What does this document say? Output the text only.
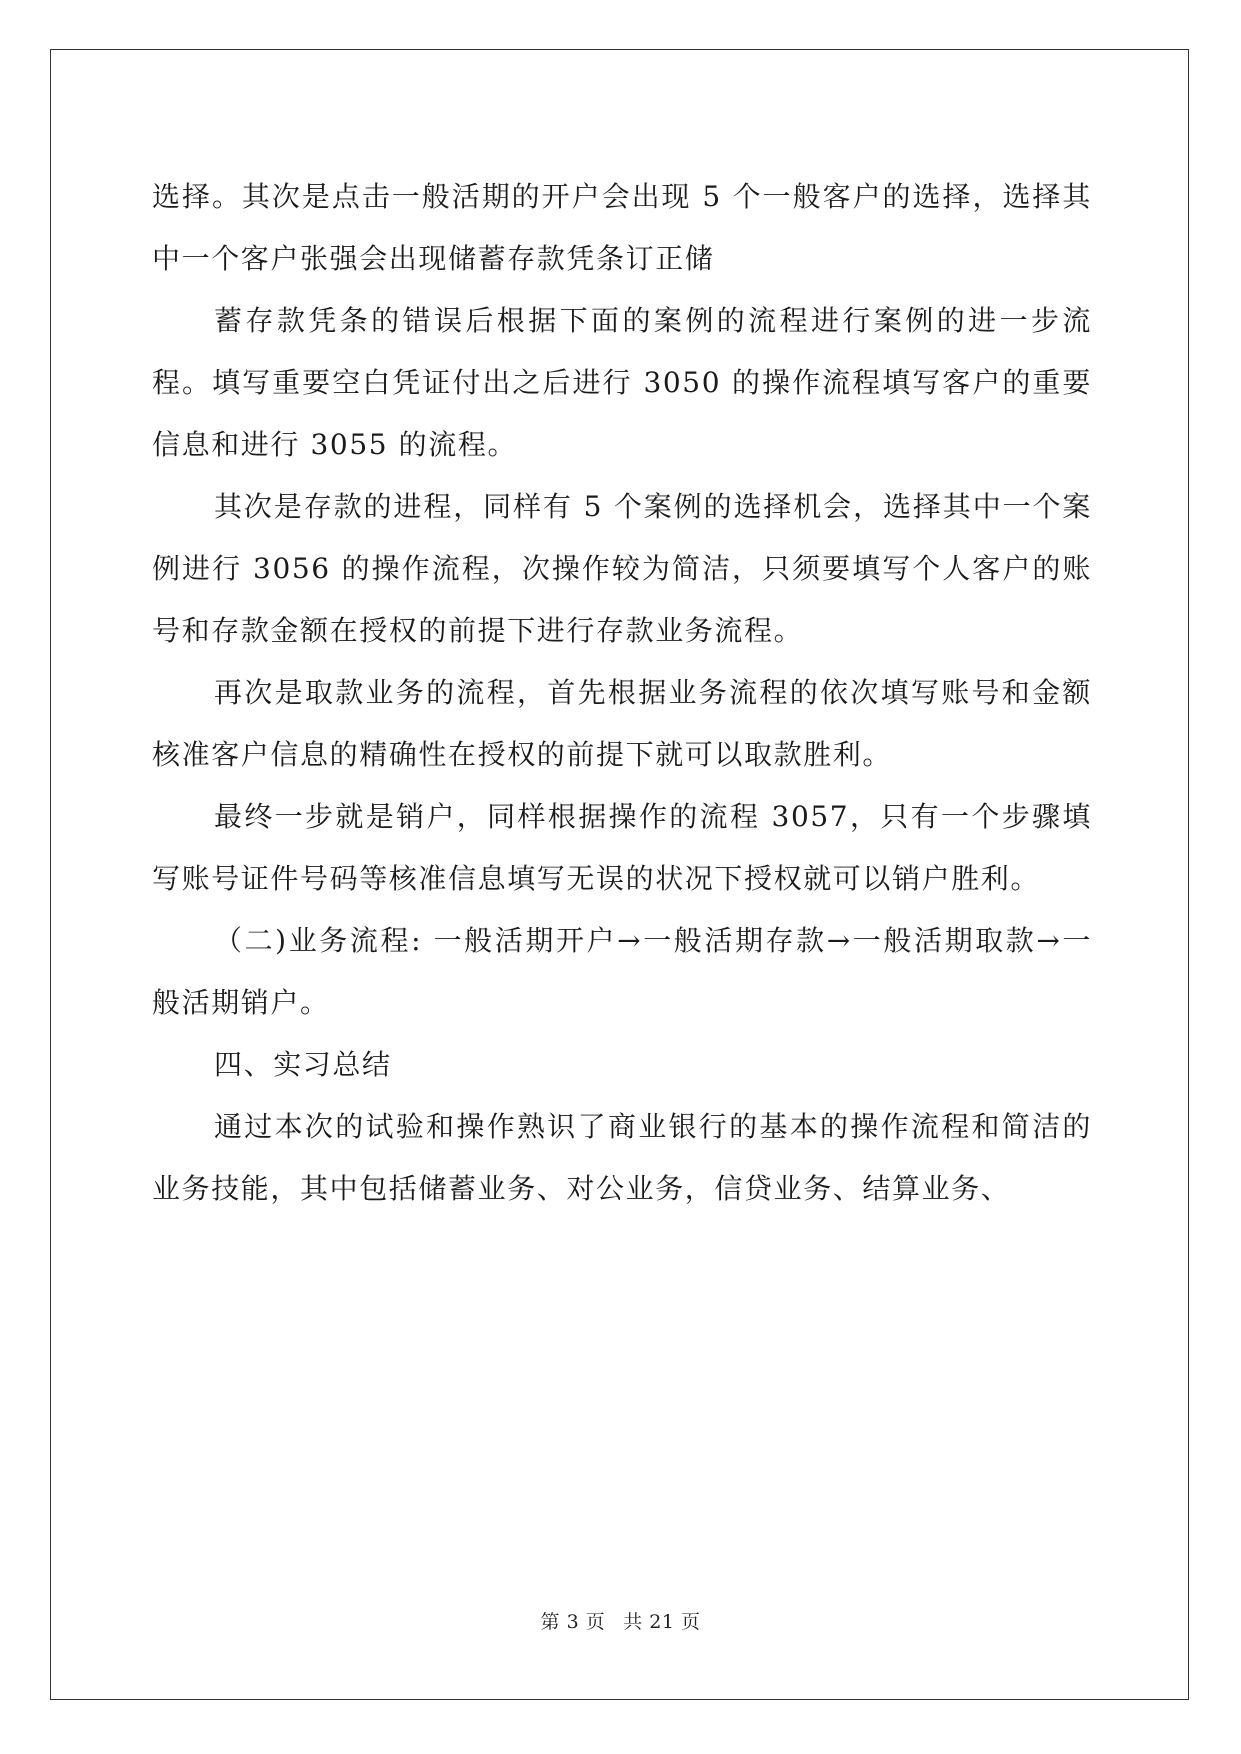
选择。其次是点击一般活期的开户会出现 5 个一般客户的选择，选择其中一个客户张强会出现储蓄存款凭条订正储

蓄存款凭条的错误后根据下面的案例的流程进行案例的进一步流程。填写重要空白凭证付出之后进行 3050 的操作流程填写客户的重要信息和进行 3055 的流程。

其次是存款的进程，同样有 5 个案例的选择机会，选择其中一个案例进行 3056 的操作流程，次操作较为简洁，只须要填写个人客户的账号和存款金额在授权的前提下进行存款业务流程。

再次是取款业务的流程，首先根据业务流程的依次填写账号和金额核准客户信息的精确性在授权的前提下就可以取款胜利。

最终一步就是销户，同样根据操作的流程 3057，只有一个步骤填写账号证件号码等核准信息填写无误的状况下授权就可以销户胜利。

（二)业务流程: 一般活期开户→一般活期存款→一般活期取款→一般活期销户。

四、实习总结

通过本次的试验和操作熟识了商业银行的基本的操作流程和简洁的业务技能，其中包括储蓄业务、对公业务，信贷业务、结算业务、

第 3 页 共 21 页
